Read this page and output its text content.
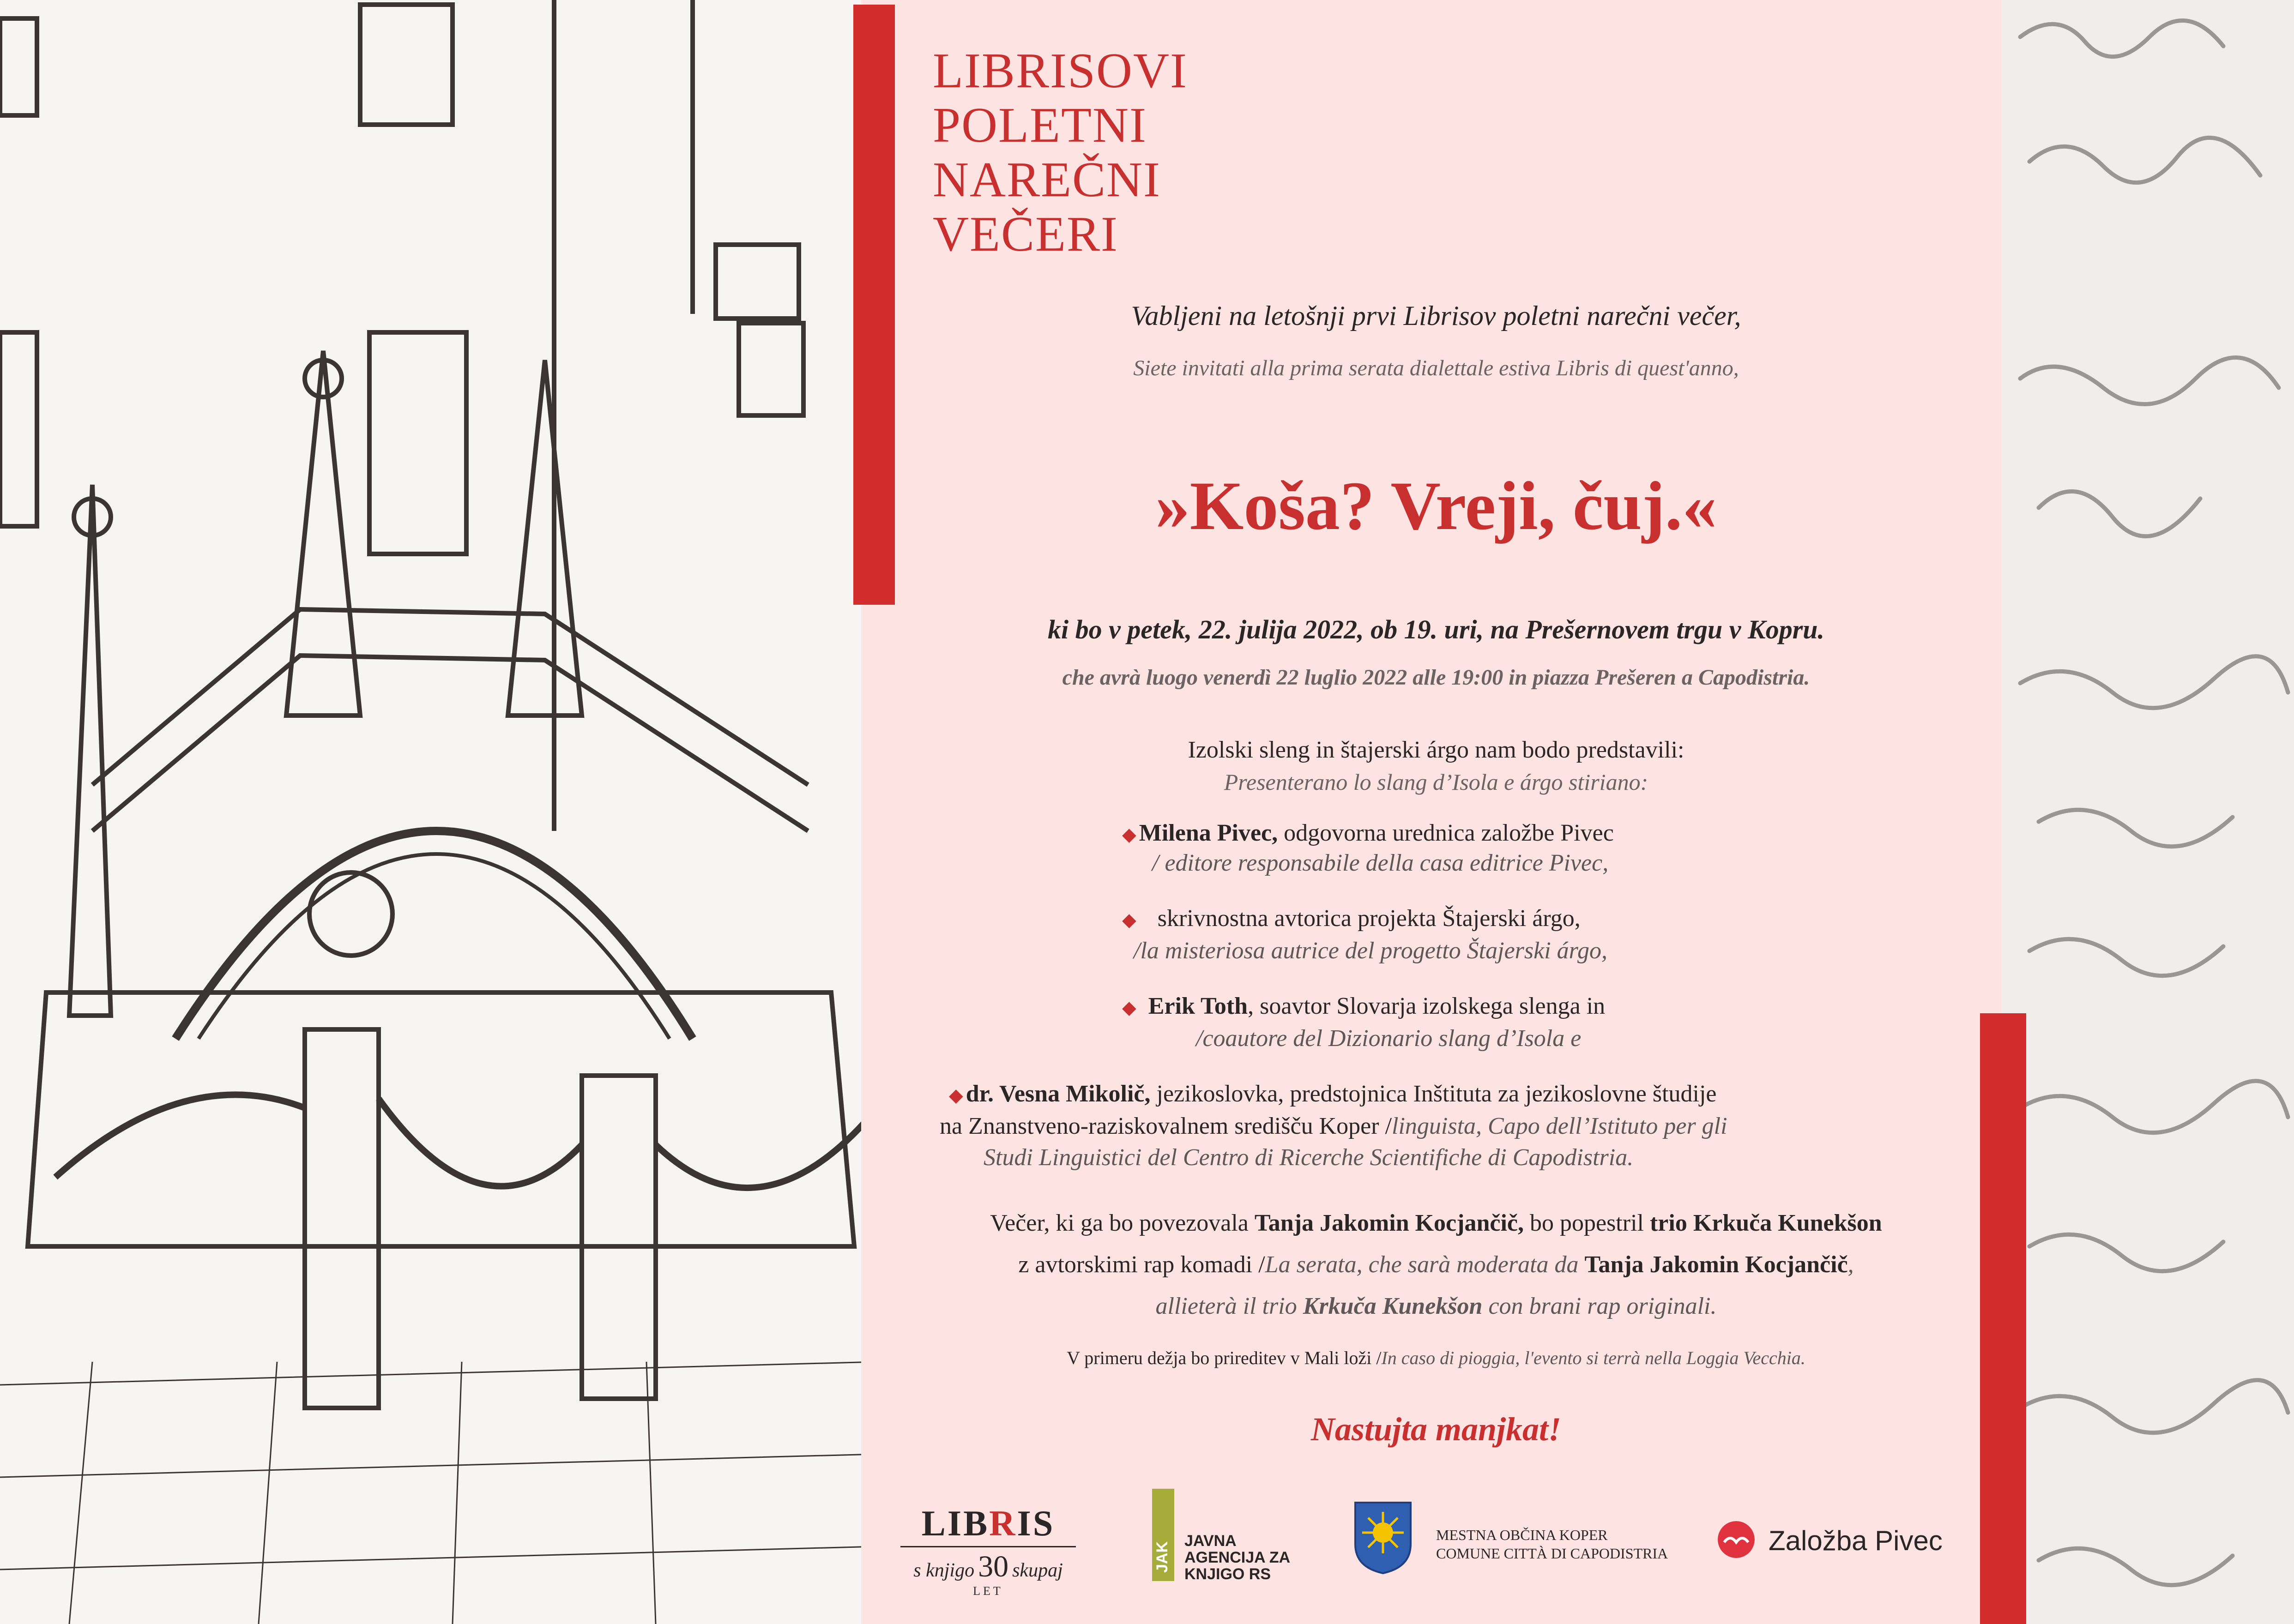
LIBRISOVI
POLETNI
NAREČNI
VEČERI
Vabljeni na letošnji prvi Librisov poletni narečni večer,
Siete invitati alla prima serata dialettale estiva Libris di quest'anno,
»Koša? Vreji, čuj.«
ki bo v petek, 22. julija 2022, ob 19. uri, na Prešernovem trgu v Kopru.
che avrà luogo venerdì 22 luglio 2022 alle 19:00 in piazza Prešeren a Capodistria.
Izolski sleng in štajerski árgo nam bodo predstavili:
Presenterano lo slang d’Isola e árgo stiriano:
◆ Milena Pivec, odgovorna urednica založbe Pivec
/ editore responsabile della casa editrice Pivec,
◆ skrivnostna avtorica projekta Štajerski árgo,
/la misteriosa autrice del progetto Štajerski árgo,
◆ Erik Toth, soavtor Slovarja izolskega slenga in
/coautore del Dizionario slang d’Isola e
◆ dr. Vesna Mikolič, jezikoslovka, predstojnica Inštituta za jezikoslovne študije
na Znanstveno-raziskovalnem središču Koper /linguista, Capo dell’Istituto per gli
Studi Linguistici del Centro di Ricerche Scientifiche di Capodistria.
Večer, ki ga bo povezovala Tanja Jakomin Kocjančič, bo popestril trio Krkuča Kunekšon
z avtorskimi rap komadi /La serata, che sarà moderata da Tanja Jakomin Kocjančič,
allieterà il trio Krkuča Kunekšon con brani rap originali.
V primeru dežja bo prireditev v Mali loži /In caso di pioggia, l'evento si terrà nella Loggia Vecchia.
Nastujta manjkat!
LIBRIS
s knjigo 30 skupaj
LET
JAK
JAVNA
AGENCIJA ZA
KNJIGO RS
MESTNA OBČINA KOPER
COMUNE CITTÀ DI CAPODISTRIA	Založba Pivec
